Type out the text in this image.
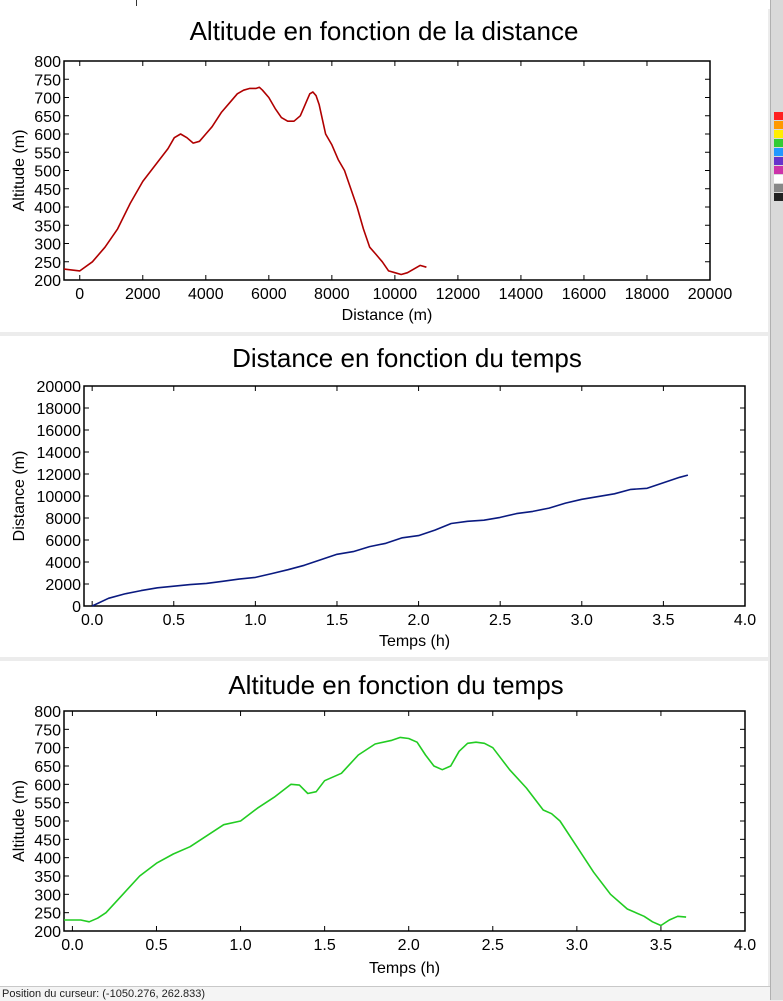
Altitude en fonction de la distance
0	2000 4000 6000 8000 10000 12000 14000 16000 18000 20000
200
250
300
350
400
450
500
550
600
650
700
750
800
Distance (m)
Altitude (m)
Distance en fonction du temps
0.0	0.5	1.0	1.5	2.0	2.5	3.0	3.5	4.0
0
2000
4000
6000
8000
10000
12000
14000
16000
18000
20000
Temps (h)
Distance (m)
Altitude en fonction du temps
0.0	0.5	1.0	1.5	2.0	2.5	3.0	3.5	4.0
200
250
300
350
400
450
500
550
600
650
700
750
800
Temps (h)
Altitude (m)
Position du curseur: (-1050.276, 262.833)
